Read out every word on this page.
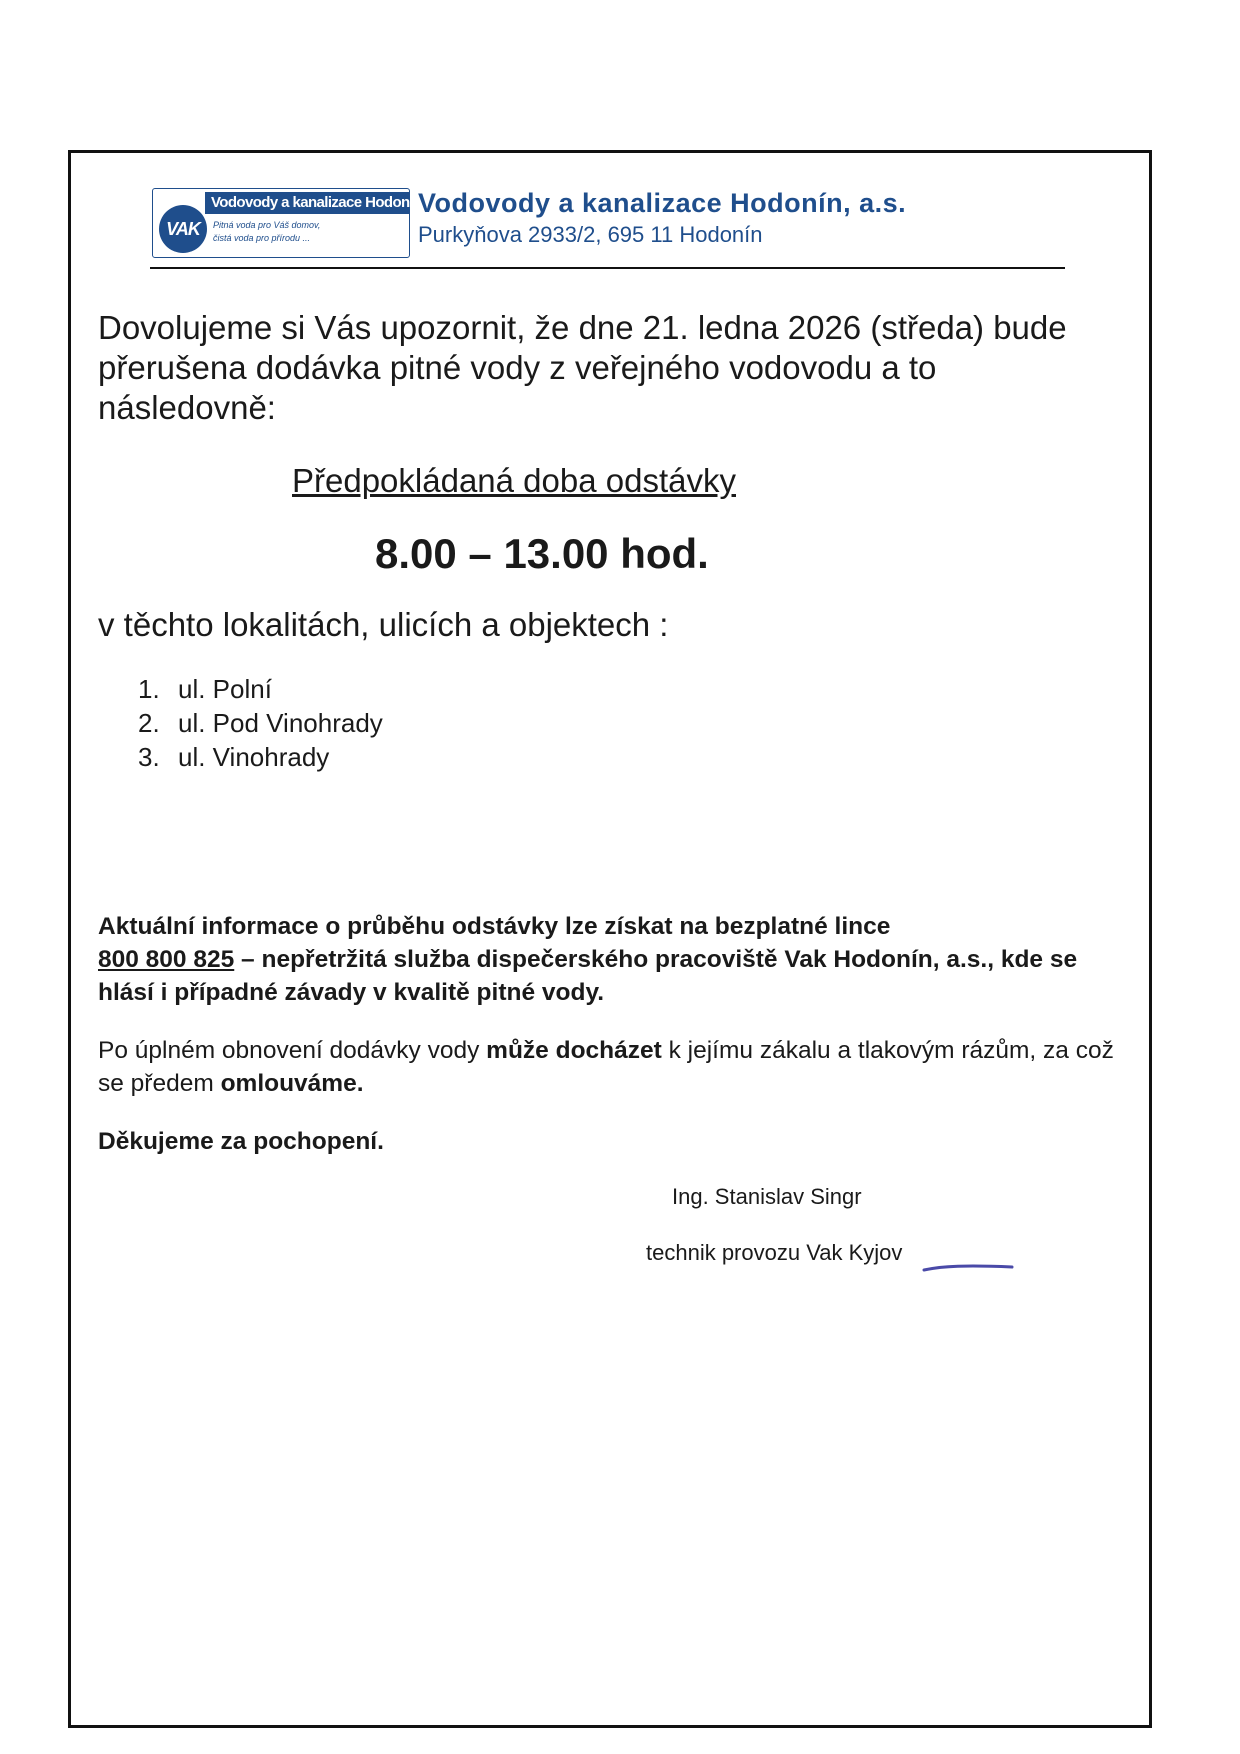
Vodovody a kanalizace Hodonín, a.s.
VAK	Pitná voda pro Váš domov,
čistá voda pro přírodu ...
Vodovody a kanalizace Hodonín, a.s.
Purkyňova 2933/2, 695 11 Hodonín

Dovolujeme si Vás upozornit, že dne 21. ledna 2026 (středa) bude přerušena dodávka pitné vody z veřejného vodovodu a to následovně:

Předpokládaná doba odstávky
8.00 – 13.00 hod.
v těchto lokalitách, ulicích a objektech :
1. ul. Polní
2. ul. Pod Vinohrady
3. ul. Vinohrady

Aktuální informace o průběhu odstávky lze získat na bezplatné lince
800 800 825 – nepřetržitá služba dispečerského pracoviště Vak Hodonín, a.s., kde se hlásí i případné závady v kvalitě pitné vody.

Po úplném obnovení dodávky vody může docházet k jejímu zákalu a tlakovým rázům, za což se předem omlouváme.

Děkujeme za pochopení.
Ing. Stanislav Singr
technik provozu Vak Kyjov
